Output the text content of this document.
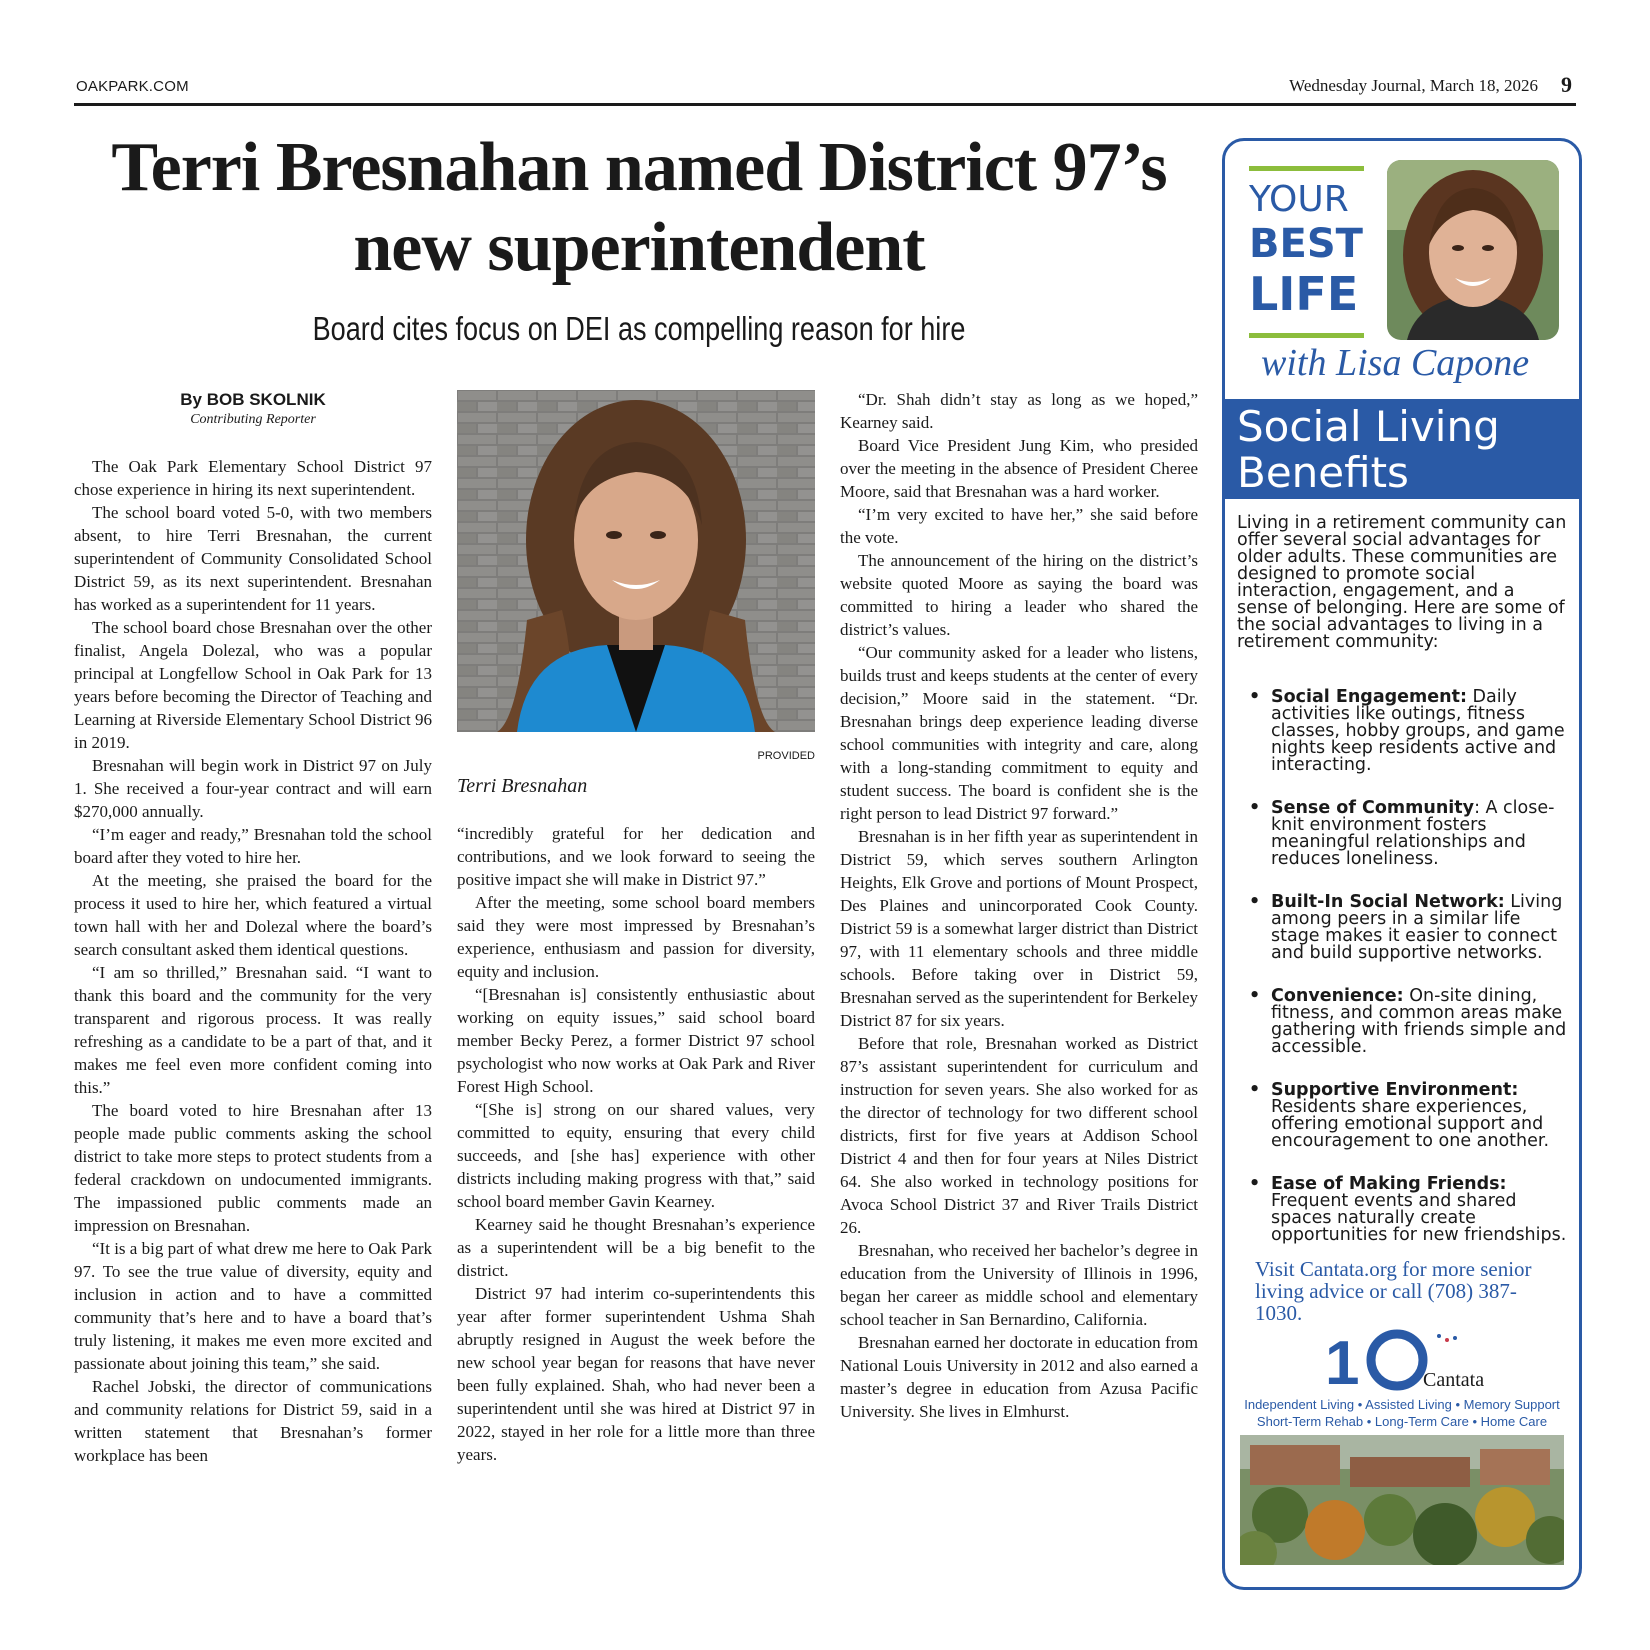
OAKPARK.COM	Wednesday Journal, March 18, 2026 9
Terri Bresnahan named District 97’s new superintendent
Board cites focus on DEI as compelling reason for hire
By BOB SKOLNIK
Contributing Reporter

The Oak Park Elementary School District 97 chose experience in hiring its next superintendent.

The school board voted 5-0, with two members absent, to hire Terri Bresnahan, the current superintendent of Community Consolidated School District 59, as its next superintendent. Bresnahan has worked as a superintendent for 11 years.

The school board chose Bresnahan over the other finalist, Angela Dolezal, who was a popular principal at Longfellow School in Oak Park for 13 years before becoming the Director of Teaching and Learning at Riverside Elementary School District 96 in 2019.

Bresnahan will begin work in District 97 on July 1. She received a four-year contract and will earn $270,000 annually.

“I’m eager and ready,” Bresnahan told the school board after they voted to hire her.

At the meeting, she praised the board for the process it used to hire her, which featured a virtual town hall with her and Dolezal where the board’s search consultant asked them identical questions.

“I am so thrilled,” Bresnahan said. “I want to thank this board and the community for the very transparent and rigorous process. It was really refreshing as a candidate to be a part of that, and it makes me feel even more confident coming into this.”

The board voted to hire Bresnahan after 13 people made public comments asking the school district to take more steps to protect students from a federal crackdown on undocumented immigrants. The impassioned public comments made an impression on Bresnahan.

“It is a big part of what drew me here to Oak Park 97. To see the true value of diversity, equity and inclusion in action and to have a committed community that’s here and to have a board that’s truly listening, it makes me even more excited and passionate about joining this team,” she said.

Rachel Jobski, the director of communications and community relations for District 59, said in a written statement that Bresnahan’s former workplace has been

PROVIDED
Terri Bresnahan

“incredibly grateful for her dedication and contributions, and we look forward to seeing the positive impact she will make in District 97.”

After the meeting, some school board members said they were most impressed by Bresnahan’s experience, enthusiasm and passion for diversity, equity and inclusion.

“[Bresnahan is] consistently enthusiastic about working on equity issues,” said school board member Becky Perez, a former District 97 school psychologist who now works at Oak Park and River Forest High School.

“[She is] strong on our shared values, very committed to equity, ensuring that every child succeeds, and [she has] experience with other districts including making progress with that,” said school board member Gavin Kearney.

Kearney said he thought Bresnahan’s experience as a superintendent will be a big benefit to the district.

District 97 had interim co-superintendents this year after former superintendent Ushma Shah abruptly resigned in August the week before the new school year began for reasons that have never been fully explained. Shah, who had never been a superintendent until she was hired at District 97 in 2022, stayed in her role for a little more than three years.

“Dr. Shah didn’t stay as long as we hoped,” Kearney said.

Board Vice President Jung Kim, who presided over the meeting in the absence of President Cheree Moore, said that Bresnahan was a hard worker.

“I’m very excited to have her,” she said before the vote.

The announcement of the hiring on the district’s website quoted Moore as saying the board was committed to hiring a leader who shared the district’s values.

“Our community asked for a leader who listens, builds trust and keeps students at the center of every decision,” Moore said in the statement. “Dr. Bresnahan brings deep experience leading diverse school communities with integrity and care, along with a long-standing commitment to equity and student success. The board is confident she is the right person to lead District 97 forward.”

Bresnahan is in her fifth year as superintendent in District 59, which serves southern Arlington Heights, Elk Grove and portions of Mount Prospect, Des Plaines and unincorporated Cook County. District 59 is a somewhat larger district than District 97, with 11 elementary schools and three middle schools. Before taking over in District 59, Bresnahan served as the superintendent for Berkeley District 87 for six years.

Before that role, Bresnahan worked as District 87’s assistant superintendent for curriculum and instruction for seven years. She also worked for as the director of technology for two different school districts, first for five years at Addison School District 4 and then for four years at Niles District 64. She also worked in technology positions for Avoca School District 37 and River Trails District 26.

Bresnahan, who received her bachelor’s degree in education from the University of Illinois in 1996, began her career as middle school and elementary school teacher in San Bernardino, California.

Bresnahan earned her doctorate in education from National Louis University in 2012 and also earned a master’s degree in education from Azusa Pacific University. She lives in Elmhurst.

YOUR
BEST
LIFE
with Lisa Capone
Social Living Benefits
Living in a retirement community can offer several social advantages for older adults. These communities are designed to promote social interaction, engagement, and a sense of belonging. Here are some of the social advantages to living in a retirement community:
• Social Engagement: Daily activities like outings, fitness classes, hobby groups, and game nights keep residents active and interacting.
• Sense of Community: A close-knit environment fosters meaningful relationships and reduces loneliness.
• Built-In Social Network: Living among peers in a similar life stage makes it easier to connect and build supportive networks.
• Convenience: On-site dining, fitness, and common areas make gathering with friends simple and accessible.
• Supportive Environment: Residents share experiences, offering emotional support and encouragement to one another.
• Ease of Making Friends: Frequent events and shared spaces naturally create opportunities for new friendships.
Visit Cantata.org for more senior living advice or call (708) 387-1030.
1	Cantata
Independent Living • Assisted Living • Memory Support
Short-Term Rehab • Long-Term Care • Home Care
